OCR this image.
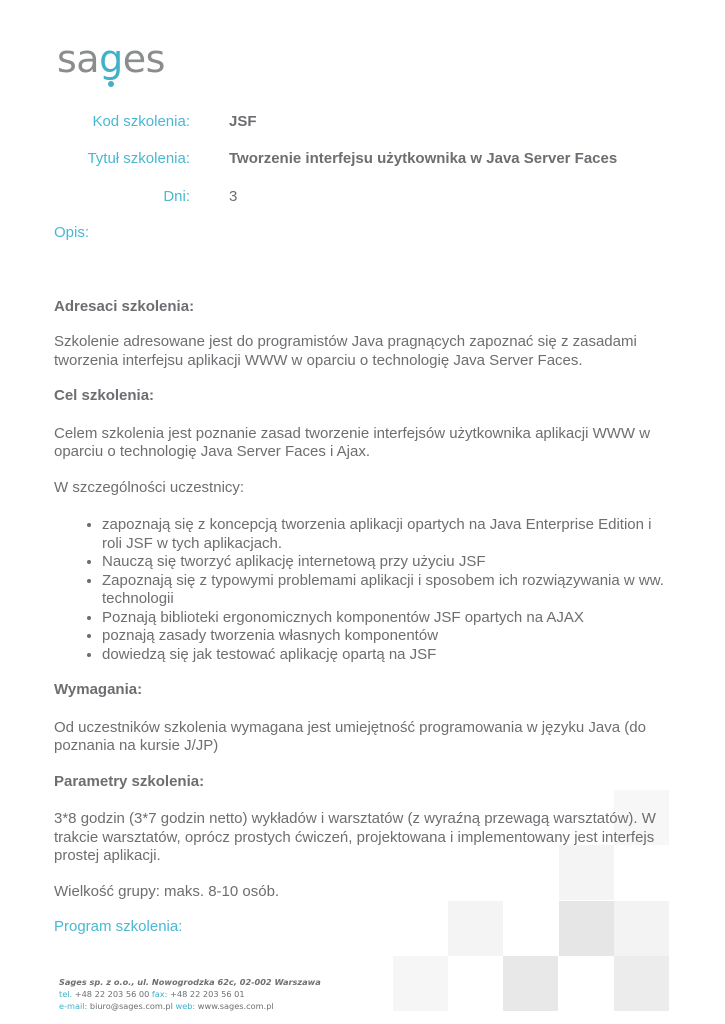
sag
es
Kod szkolenia:	JSF
Tytuł szkolenia:	Tworzenie interfejsu użytkownika w Java Server Faces
Dni:	3

Opis:

Adresaci szkolenia:

Szkolenie adresowane jest do programistów Java pragnących zapoznać się z zasadami tworzenia interfejsu aplikacji WWW w oparciu o technologię Java Server Faces.

Cel szkolenia:

Celem szkolenia jest poznanie zasad tworzenie interfejsów użytkownika aplikacji WWW w oparciu o technologię Java Server Faces i Ajax.

W szczególności uczestnicy:

• zapoznają się z koncepcją tworzenia aplikacji opartych na Java Enterprise Edition i roli JSF w tych aplikacjach.
• Nauczą się tworzyć aplikację internetową przy użyciu JSF
• Zapoznają się z typowymi problemami aplikacji i sposobem ich rozwiązywania w ww. technologii
• Poznają biblioteki ergonomicznych komponentów JSF opartych na AJAX
• poznają zasady tworzenia własnych komponentów
• dowiedzą się jak testować aplikację opartą na JSF

Wymagania:

Od uczestników szkolenia wymagana jest umiejętność programowania w języku Java (do poznania na kursie J/JP)

Parametry szkolenia:

3*8 godzin (3*7 godzin netto) wykładów i warsztatów (z wyraźną przewagą warsztatów). W trakcie warsztatów, oprócz prostych ćwiczeń, projektowana i implementowany jest interfejs prostej aplikacji.

Wielkość grupy: maks. 8-10 osób.

Program szkolenia:

Sages sp. z o.o., ul. Nowogrodzka 62c, 02-002 Warszawa
tel. +48 22 203 56 00 fax: +48 22 203 56 01
e-mail: biuro@sages.com.pl web: www.sages.com.pl
